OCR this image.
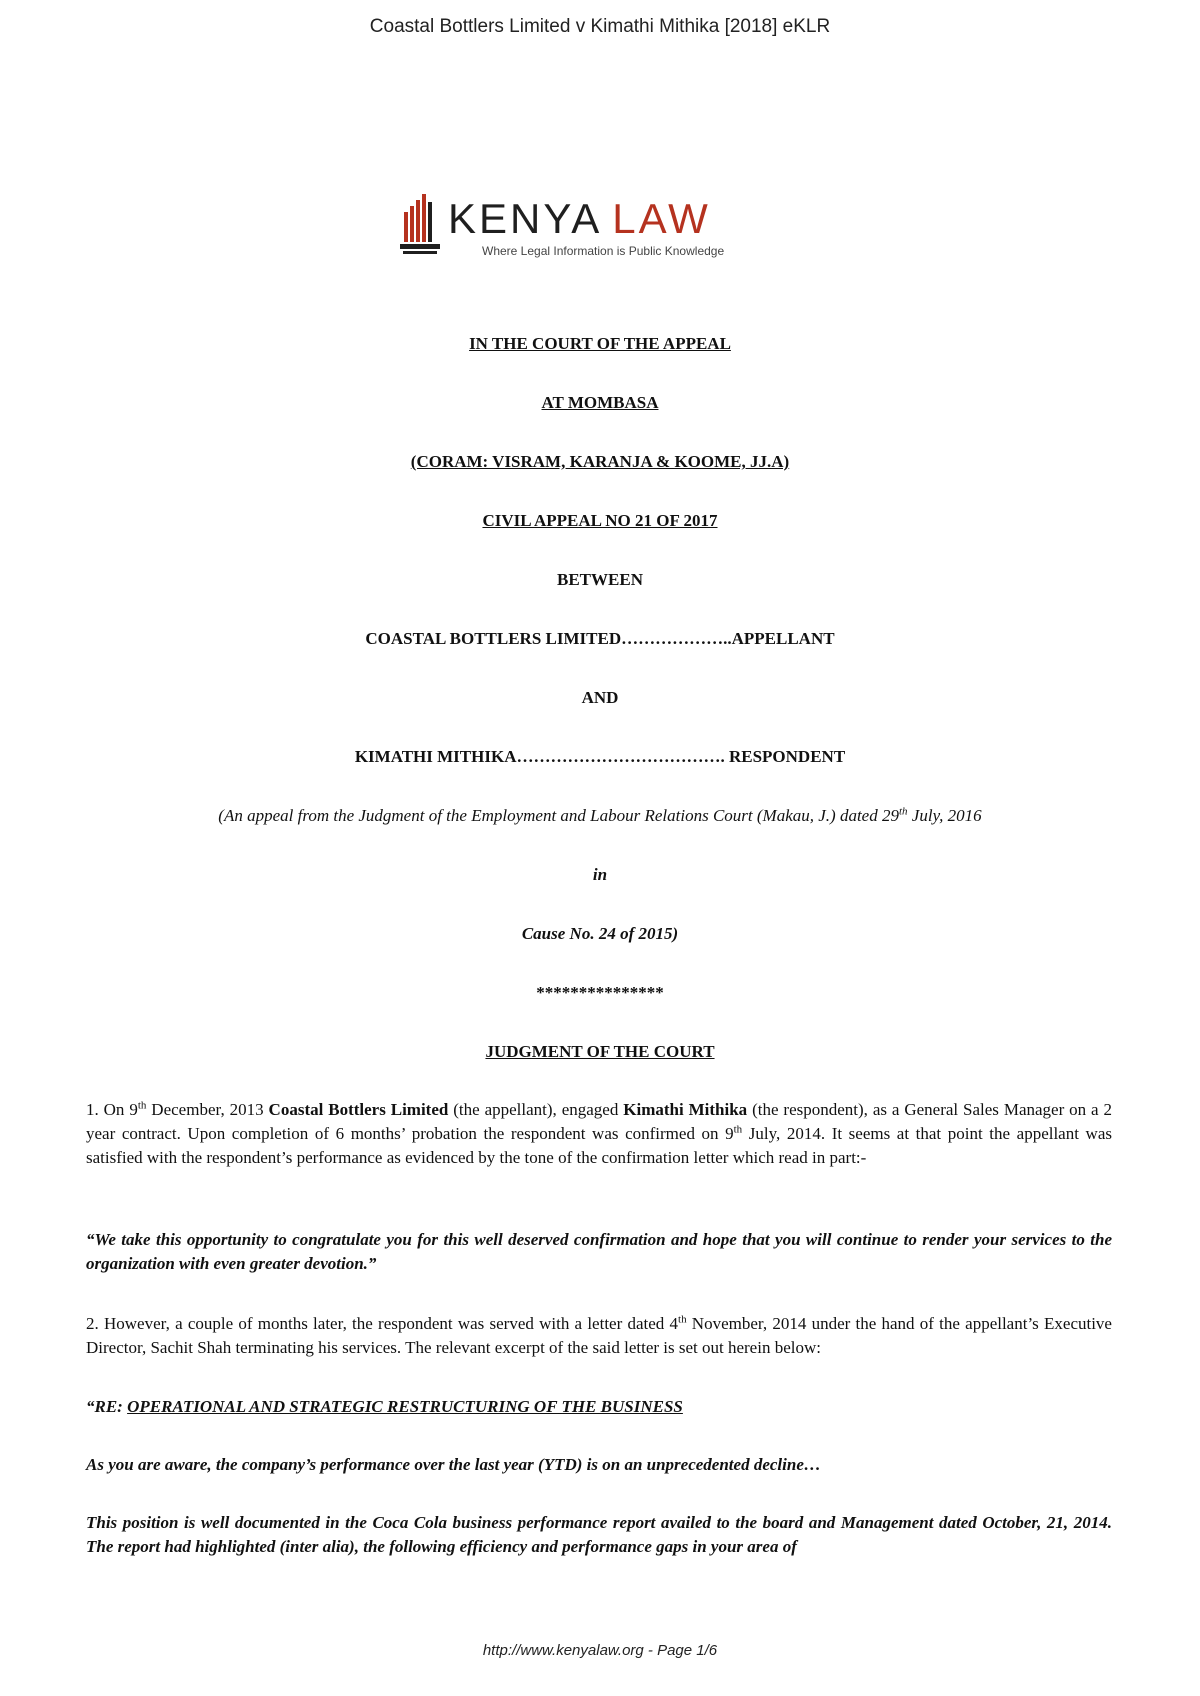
Coastal Bottlers Limited v Kimathi Mithika [2018] eKLR
KENYA LAW
Where Legal Information is Public Knowledge
IN THE COURT OF THE APPEAL
AT MOMBASA
(CORAM: VISRAM, KARANJA & KOOME, JJ.A)
CIVIL APPEAL NO 21 OF 2017
BETWEEN
COASTAL BOTTLERS LIMITED………………..APPELLANT
AND
KIMATHI MITHIKA………………………………. RESPONDENT
(An appeal from the Judgment of the Employment and Labour Relations Court (Makau, J.) dated 29th July, 2016
in
Cause No. 24 of 2015)
***************
JUDGMENT OF THE COURT
1. On 9th December, 2013 Coastal Bottlers Limited (the appellant), engaged Kimathi Mithika (the respondent), as a General Sales Manager on a 2 year contract. Upon completion of 6 months’ probation the respondent was confirmed on 9th July, 2014. It seems at that point the appellant was satisfied with the respondent’s performance as evidenced by the tone of the confirmation letter which read in part:-
“We take this opportunity to congratulate you for this well deserved confirmation and hope that you will continue to render your services to the organization with even greater devotion.”
2. However, a couple of months later, the respondent was served with a letter dated 4th November, 2014 under the hand of the appellant’s Executive Director, Sachit Shah terminating his services. The relevant excerpt of the said letter is set out herein below:
“RE: OPERATIONAL AND STRATEGIC RESTRUCTURING OF THE BUSINESS
As you are aware, the company’s performance over the last year (YTD) is on an unprecedented decline…
This position is well documented in the Coca Cola business performance report availed to the board and Management dated October, 21, 2014. The report had highlighted (inter alia), the following efficiency and performance gaps in your area of
http://www.kenyalaw.org - Page 1/6
